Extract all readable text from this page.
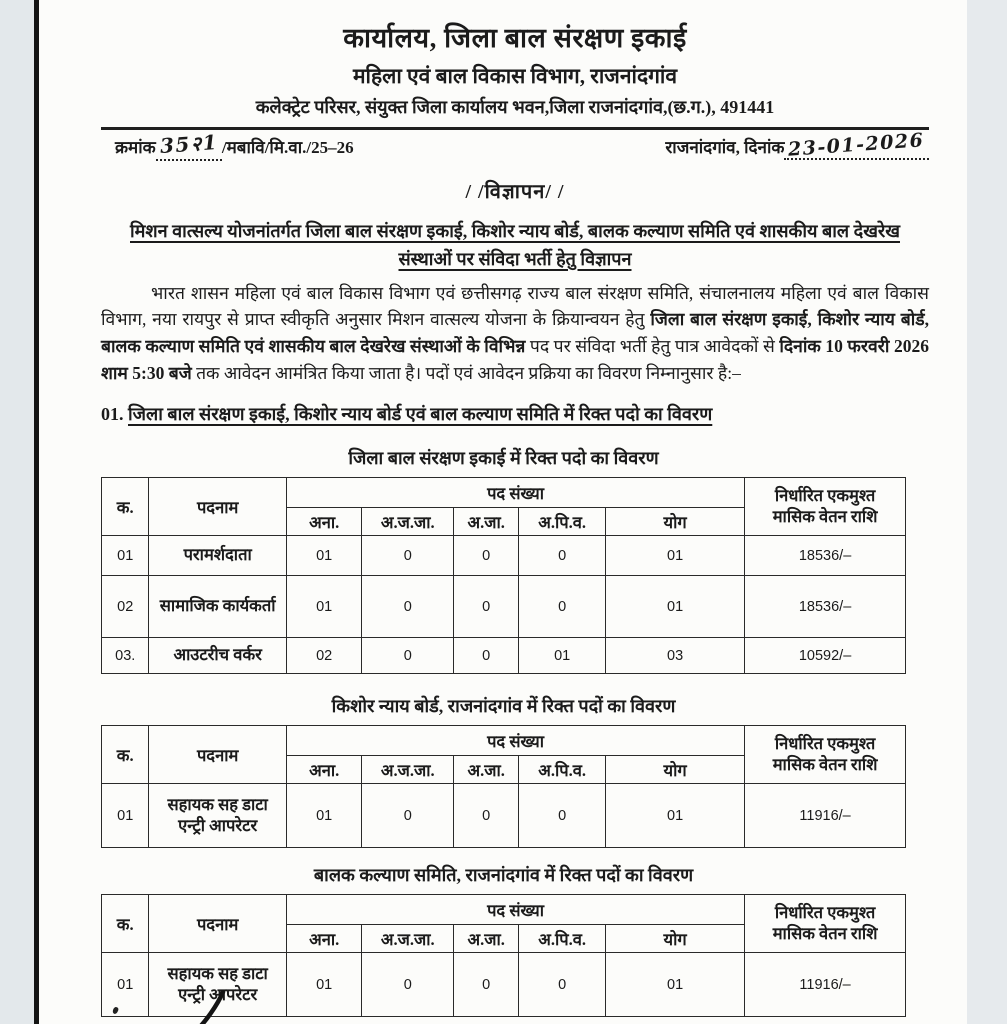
कार्यालय, जिला बाल संरक्षण इकाई
महिला एवं बाल विकास विभाग, राजनांदगांव
कलेक्ट्रेट परिसर, संयुक्त जिला कार्यालय भवन,जिला राजनांदगांव,(छ.ग.), 491441
क्रमांक 35२1 /मबावि/मि.वा./25–26	राजनांदगांव, दिनांक 23-01-2026
/ /विज्ञापन/ /
मिशन वात्सल्य योजनांतर्गत जिला बाल संरक्षण इकाई, किशोर न्याय बोर्ड, बालक कल्याण समिति एवं शासकीय बाल देखरेख संस्थाओं पर संविदा भर्ती हेतु विज्ञापन

भारत शासन महिला एवं बाल विकास विभाग एवं छत्तीसगढ़ राज्य बाल संरक्षण समिति, संचालनालय महिला एवं बाल विकास विभाग, नया रायपुर से प्राप्त स्वीकृति अनुसार मिशन वात्सल्य योजना के क्रियान्वयन हेतु जिला बाल संरक्षण इकाई, किशोर न्याय बोर्ड, बालक कल्याण समिति एवं शासकीय बाल देखरेख संस्थाओं के विभिन्न पद पर संविदा भर्ती हेतु पात्र आवेदकों से दिनांक 10 फरवरी 2026 शाम 5:30 बजे तक आवेदन आमंत्रित किया जाता है। पदों एवं आवेदन प्रक्रिया का विवरण निम्नानुसार है:–

01. जिला बाल संरक्षण इकाई, किशोर न्याय बोर्ड एवं बाल कल्याण समिति में रिक्त पदो का विवरण
जिला बाल संरक्षण इकाई में रिक्त पदो का विवरण
क.	पदनाम	पद संख्या					निर्धारित एकमुश्त
मासिक वेतन राशि
		अना.	अ.ज.जा.	अ.जा.	अ.पि.व.	योग	
01	परामर्शदाता	01	0	0	0	01	18536/–
02	सामाजिक कार्यकर्ता	01	0	0	0	01	18536/–
03.	आउटरीच वर्कर	02	0	0	01	03	10592/–
किशोर न्याय बोर्ड, राजनांदगांव में रिक्त पदों का विवरण
क.	पदनाम	पद संख्या					निर्धारित एकमुश्त
मासिक वेतन राशि
		अना.	अ.ज.जा.	अ.जा.	अ.पि.व.	योग	
01	सहायक सह डाटा एन्ट्री आपरेटर	01	0	0	0	01	11916/–
बालक कल्याण समिति, राजनांदगांव में रिक्त पदों का विवरण
क.	पदनाम	पद संख्या					निर्धारित एकमुश्त
मासिक वेतन राशि
		अना.	अ.ज.जा.	अ.जा.	अ.पि.व.	योग	
01	सहायक सह डाटा एन्ट्री आपरेटर	01	0	0	0	01	11916/–
